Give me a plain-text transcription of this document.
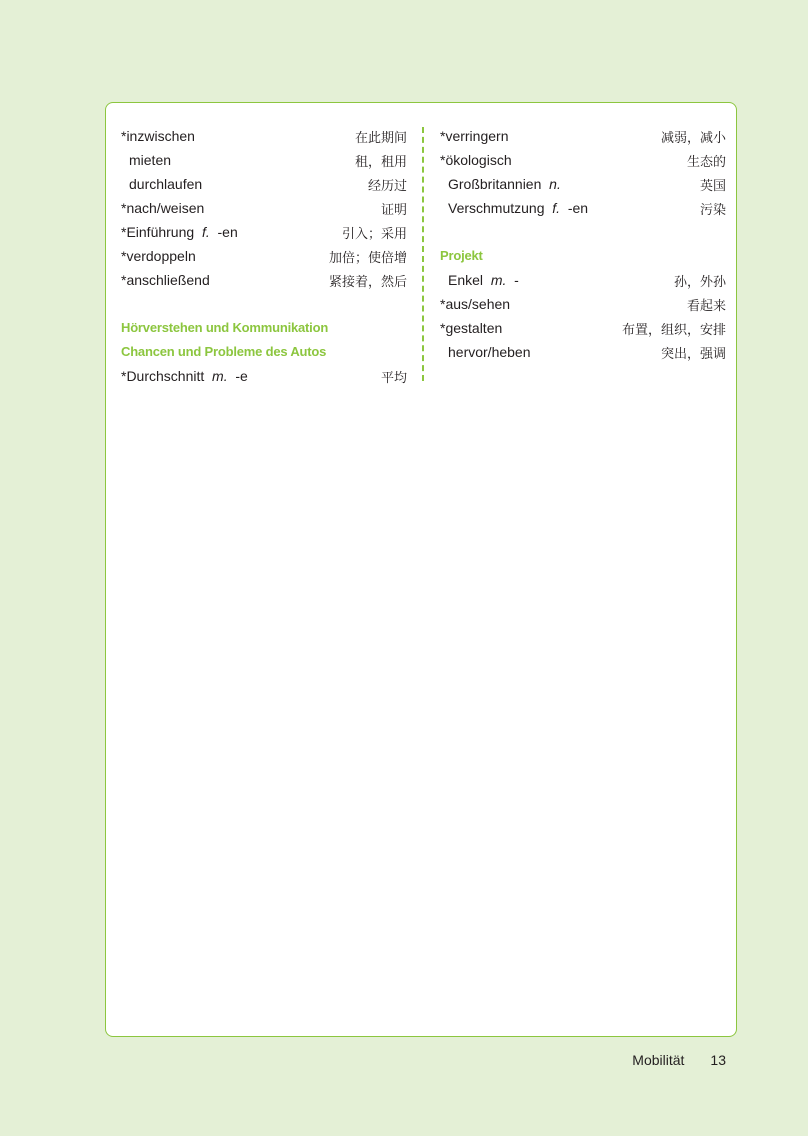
*inzwischen	在此期间
mieten	租，租用
durchlaufen	经历过
*nach/weisen	证明
*Einführung f. -en	引入；采用
*verdoppeln	加倍；使倍增
*anschließend	紧接着，然后
Hörverstehen und Kommunikation
Chancen und Probleme des Autos
*Durchschnitt m. -e	平均
*verringern	减弱，减小
*ökologisch	生态的
Großbritannien n.	英国
Verschmutzung f. -en	污染
Projekt
Enkel m. -	孙，外孙
*aus/sehen	看起来
*gestalten	布置，组织，安排
hervor/heben	突出，强调
Mobilität 13
